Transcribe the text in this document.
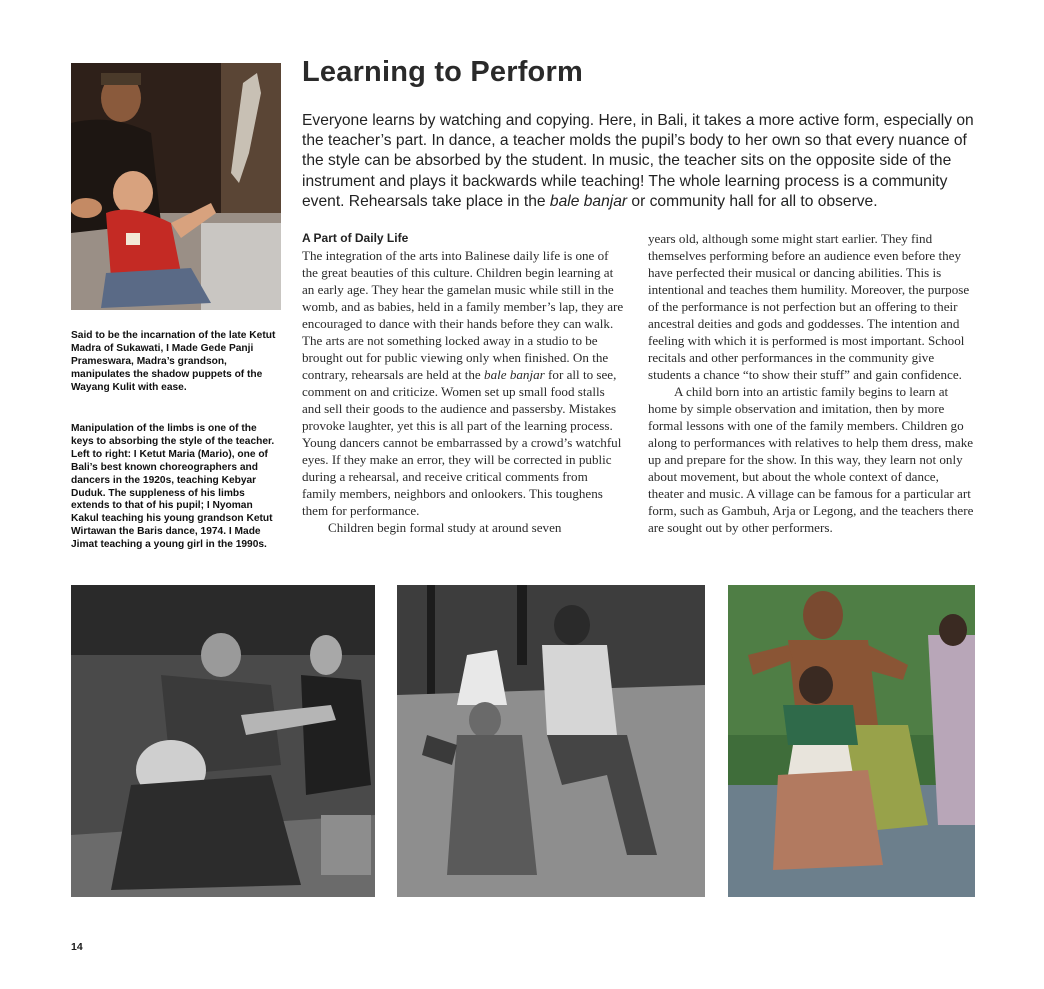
Said to be the incarnation of the late Ketut Madra of Sukawati, I Made Gede Panji Prameswara, Madra’s grandson, manipulates the shadow puppets of the Wayang Kulit with ease.
Manipulation of the limbs is one of the keys to absorbing the style of the teacher. Left to right: I Ketut Maria (Mario), one of Bali’s best known choreographers and dancers in the 1920s, teaching Kebyar Duduk. The suppleness of his limbs extends to that of his pupil; I Nyoman Kakul teaching his young grandson Ketut Wirtawan the Baris dance, 1974. I Made Jimat teaching a young girl in the 1990s.
Learning to Perform
Everyone learns by watching and copying. Here, in Bali, it takes a more active form, especially on the teacher’s part. In dance, a teacher molds the pupil’s body to her own so that every nuance of the style can be absorbed by the student. In music, the teacher sits on the opposite side of the instrument and plays it backwards while teaching! The whole learning process is a community event. Rehearsals take place in the bale banjar or community hall for all to observe.

A Part of Daily Life

The integration of the arts into Balinese daily life is one of the great beauties of this culture. Children begin learning at an early age. They hear the gamelan music while still in the womb, and as babies, held in a family member’s lap, they are encouraged to dance with their hands before they can walk. The arts are not something locked away in a studio to be brought out for public viewing only when finished. On the contrary, rehearsals are held at the bale banjar for all to see, comment on and criticize. Women set up small food stalls and sell their goods to the audience and passersby. Mistakes provoke laughter, yet this is all part of the learning process. Young dancers cannot be embarrassed by a crowd’s watchful eyes. If they make an error, they will be corrected in public during a rehearsal, and receive critical comments from family members, neighbors and onlookers. This toughens them for performance.

Children begin formal study at around seven

years old, although some might start earlier. They find themselves performing before an audience even before they have perfected their musical or dancing abilities. This is intentional and teaches them humility. Moreover, the purpose of the performance is not perfection but an offering to their ancestral deities and gods and goddesses. The intention and feeling with which it is performed is most important. School recitals and other performances in the community give students a chance “to show their stuff” and gain confidence.

A child born into an artistic family begins to learn at home by simple observation and imitation, then by more formal lessons with one of the family members. Children go along to performances with relatives to help them dress, make up and prepare for the show. In this way, they learn not only about movement, but about the whole context of dance, theater and music. A village can be famous for a particular art form, such as Gambuh, Arja or Legong, and the teachers there are sought out by other performers.

14
